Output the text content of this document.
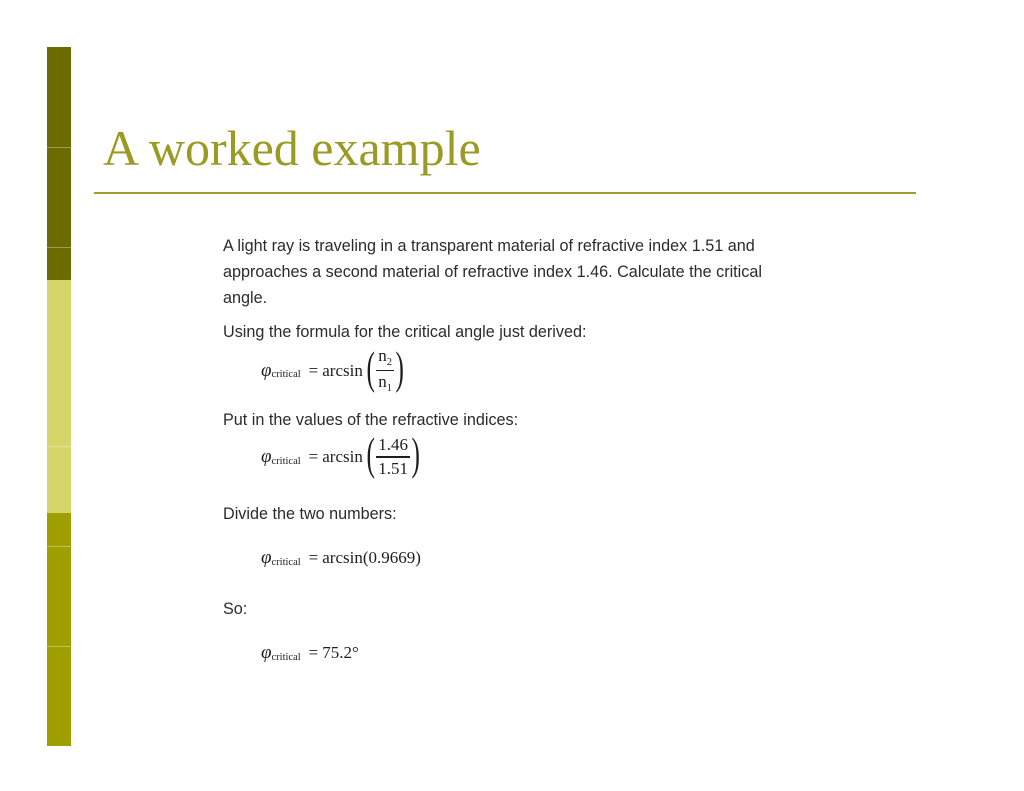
A worked example

A light ray is traveling in a transparent material of refractive index 1.51 and

approaches a second material of refractive index 1.46. Calculate the critical

angle.

Using the formula for the critical angle just derived:

φ critical = arcsin ( $\frac{n_2}{n_1}$ )

Put in the values of the refractive indices:

φ critical = arcsin ( $\frac{1.46}{1.51}$ )

Divide the two numbers:

φ critical = arcsin(0.9669)

So:

φ critical = 75.2°
